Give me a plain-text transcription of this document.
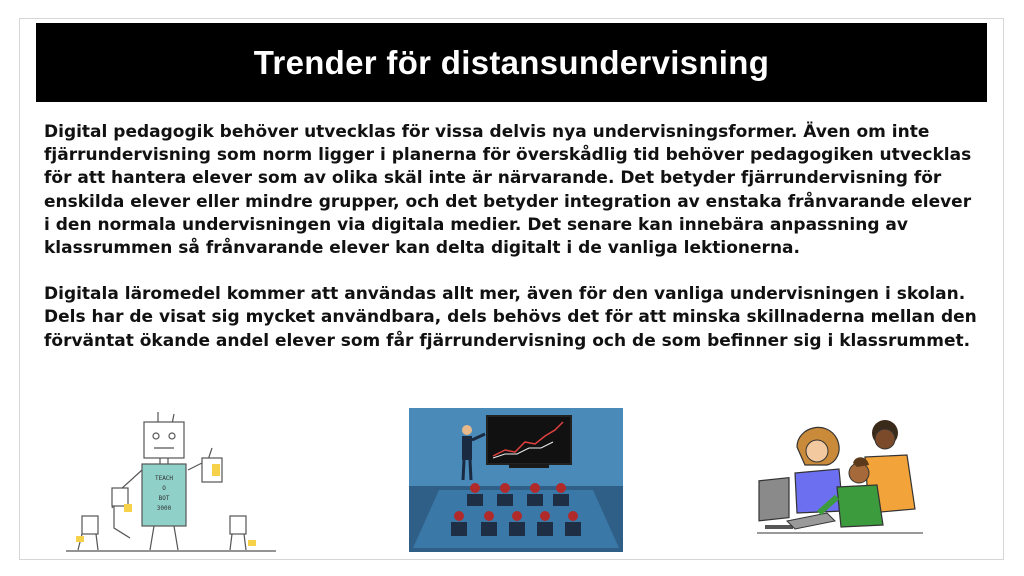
Trender för distansundervisning

Digital pedagogik behöver utvecklas för vissa delvis nya undervisningsformer. Även om inte fjärrundervisning som norm ligger i planerna för överskådlig tid behöver pedagogiken utvecklas för att hantera elever som av olika skäl inte är närvarande. Det betyder fjärrundervisning för enskilda elever eller mindre grupper, och det betyder integration av enstaka frånvarande elever i den normala undervisningen via digitala medier. Det senare kan innebära anpassning av klassrummen så frånvarande elever kan delta digitalt i de vanliga lektionerna.

Digitala läromedel kommer att användas allt mer, även för den vanliga undervisningen i skolan. Dels har de visat sig mycket användbara, dels behövs det för att minska skillnaderna mellan den förväntat ökande andel elever som får fjärrundervisning och de som befinner sig i klassrummet.

TEACH
O
BOT
3000
